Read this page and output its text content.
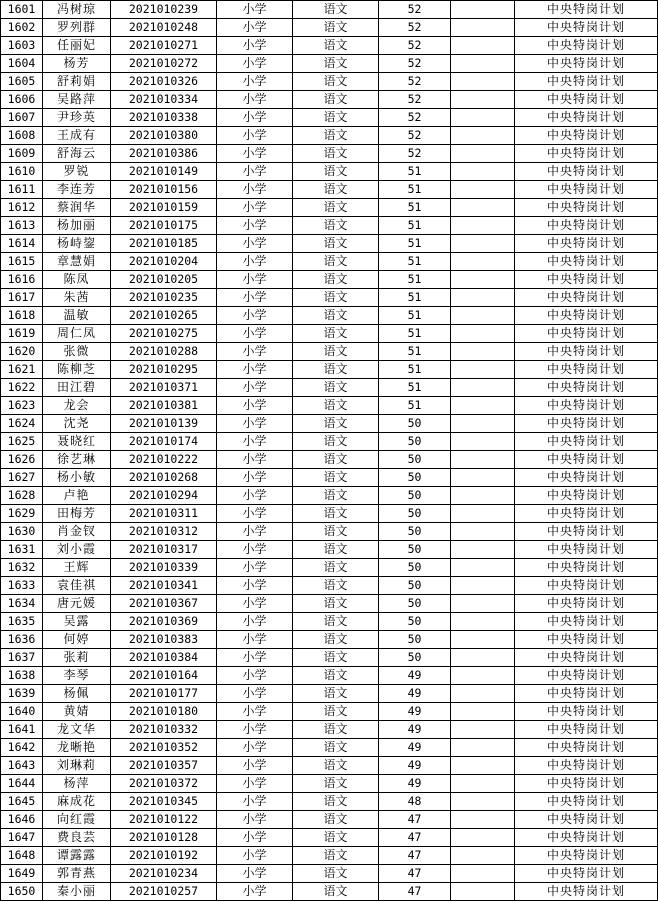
1601	冯树琼	2021010239	小学	语文	52		中央特岗计划
1602	罗列群	2021010248	小学	语文	52		中央特岗计划
1603	任丽妃	2021010271	小学	语文	52		中央特岗计划
1604	杨芳	2021010272	小学	语文	52		中央特岗计划
1605	舒莉娟	2021010326	小学	语文	52		中央特岗计划
1606	吴路萍	2021010334	小学	语文	52		中央特岗计划
1607	尹珍英	2021010338	小学	语文	52		中央特岗计划
1608	王成有	2021010380	小学	语文	52		中央特岗计划
1609	舒海云	2021010386	小学	语文	52		中央特岗计划
1610	罗锐	2021010149	小学	语文	51		中央特岗计划
1611	李连芳	2021010156	小学	语文	51		中央特岗计划
1612	蔡润华	2021010159	小学	语文	51		中央特岗计划
1613	杨加丽	2021010175	小学	语文	51		中央特岗计划
1614	杨峙鋆	2021010185	小学	语文	51		中央特岗计划
1615	章慧娟	2021010204	小学	语文	51		中央特岗计划
1616	陈凤	2021010205	小学	语文	51		中央特岗计划
1617	朱茜	2021010235	小学	语文	51		中央特岗计划
1618	温敏	2021010265	小学	语文	51		中央特岗计划
1619	周仁凤	2021010275	小学	语文	51		中央特岗计划
1620	张微	2021010288	小学	语文	51		中央特岗计划
1621	陈柳芝	2021010295	小学	语文	51		中央特岗计划
1622	田江碧	2021010371	小学	语文	51		中央特岗计划
1623	龙会	2021010381	小学	语文	51		中央特岗计划
1624	沈尧	2021010139	小学	语文	50		中央特岗计划
1625	聂晓红	2021010174	小学	语文	50		中央特岗计划
1626	徐艺琳	2021010222	小学	语文	50		中央特岗计划
1627	杨小敏	2021010268	小学	语文	50		中央特岗计划
1628	卢艳	2021010294	小学	语文	50		中央特岗计划
1629	田梅芳	2021010311	小学	语文	50		中央特岗计划
1630	肖金钗	2021010312	小学	语文	50		中央特岗计划
1631	刘小霞	2021010317	小学	语文	50		中央特岗计划
1632	王辉	2021010339	小学	语文	50		中央特岗计划
1633	袁佳祺	2021010341	小学	语文	50		中央特岗计划
1634	唐元媛	2021010367	小学	语文	50		中央特岗计划
1635	吴露	2021010369	小学	语文	50		中央特岗计划
1636	何婷	2021010383	小学	语文	50		中央特岗计划
1637	张莉	2021010384	小学	语文	50		中央特岗计划
1638	李琴	2021010164	小学	语文	49		中央特岗计划
1639	杨佩	2021010177	小学	语文	49		中央特岗计划
1640	黄婧	2021010180	小学	语文	49		中央特岗计划
1641	龙文华	2021010332	小学	语文	49		中央特岗计划
1642	龙晰艳	2021010352	小学	语文	49		中央特岗计划
1643	刘琳莉	2021010357	小学	语文	49		中央特岗计划
1644	杨萍	2021010372	小学	语文	49		中央特岗计划
1645	麻成花	2021010345	小学	语文	48		中央特岗计划
1646	向红霞	2021010122	小学	语文	47		中央特岗计划
1647	费良芸	2021010128	小学	语文	47		中央特岗计划
1648	谭露露	2021010192	小学	语文	47		中央特岗计划
1649	郭青燕	2021010234	小学	语文	47		中央特岗计划
1650	秦小丽	2021010257	小学	语文	47		中央特岗计划
